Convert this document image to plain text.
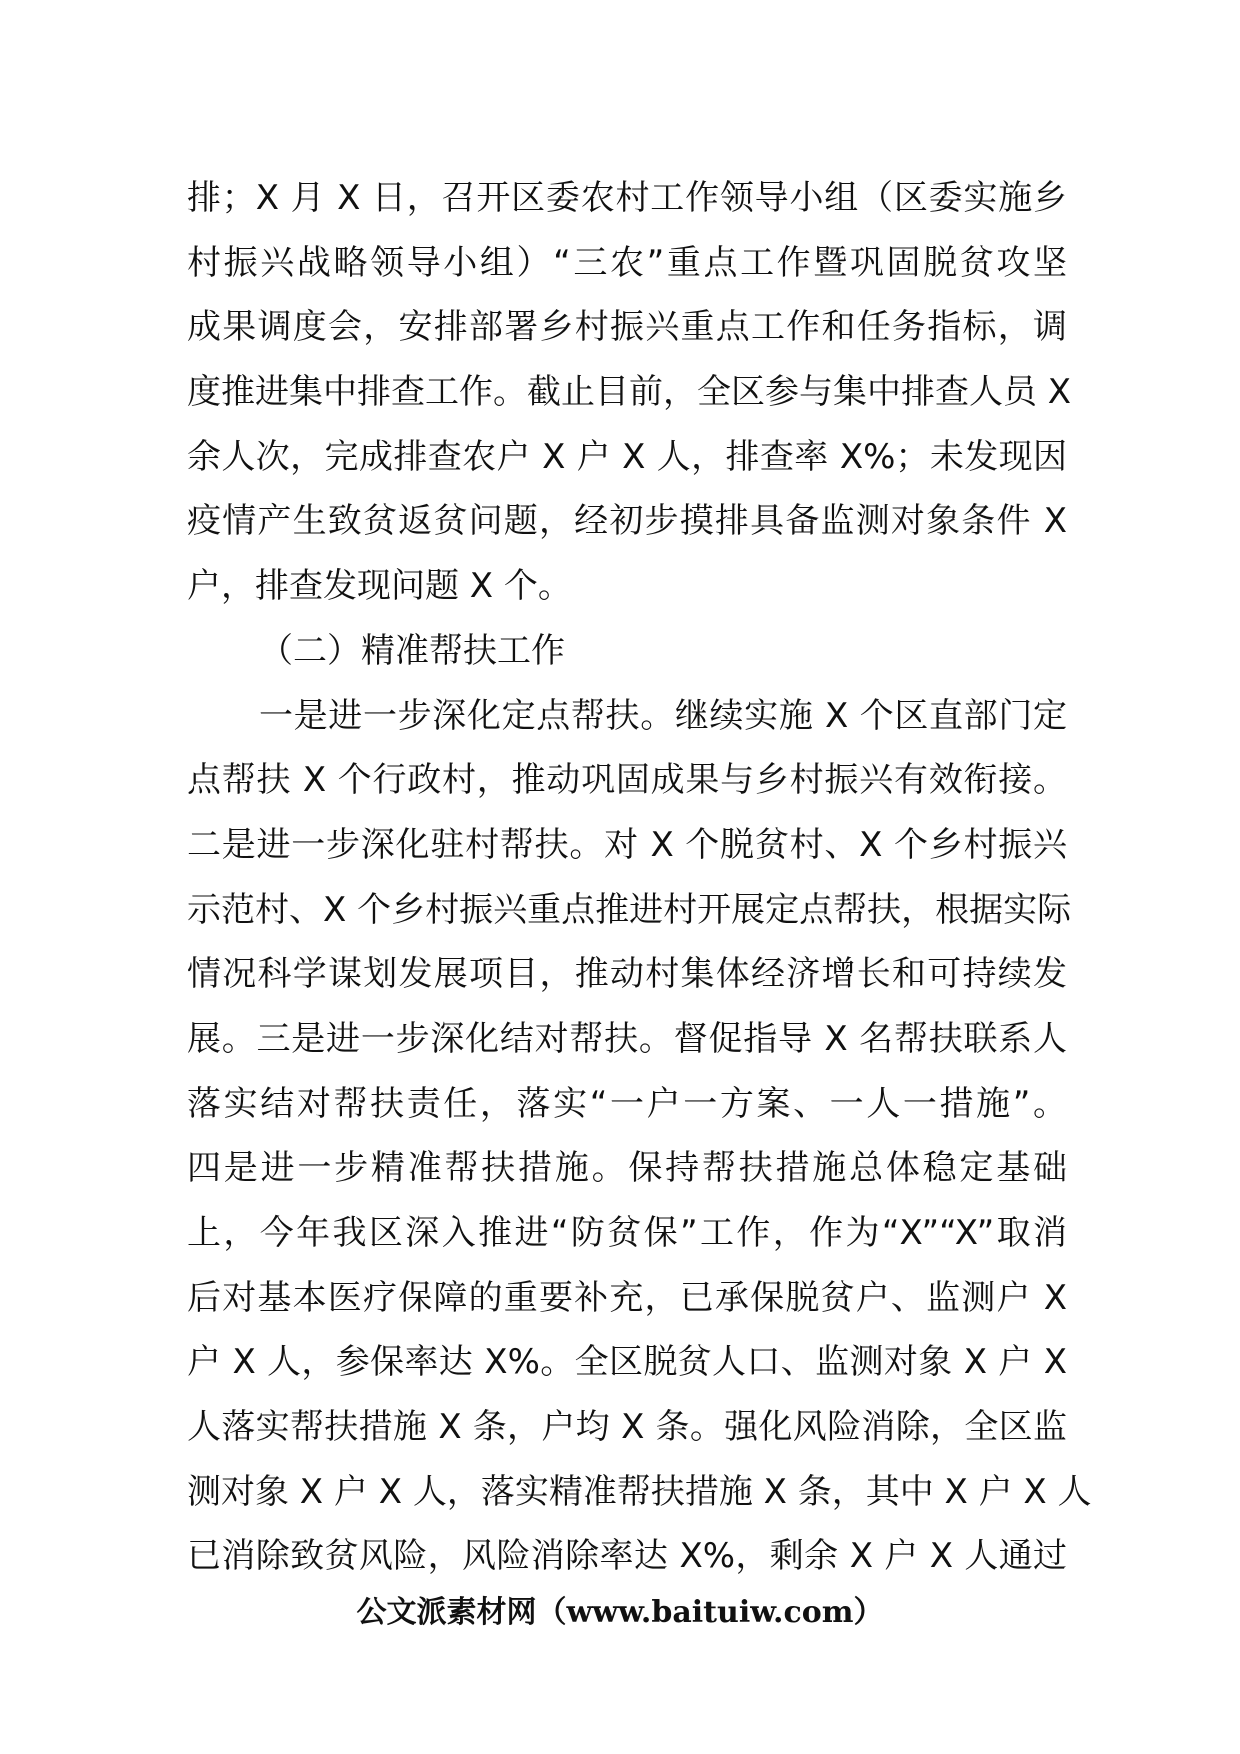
排；X 月 X 日，召开区委农村工作领导小组（区委实施乡
村振兴战略领导小组）“三农”重点工作暨巩固脱贫攻坚
成果调度会，安排部署乡村振兴重点工作和任务指标，调
度推进集中排查工作。截止目前，全区参与集中排查人员 X
余人次，完成排查农户 X 户 X 人，排查率 X%；未发现因
疫情产生致贫返贫问题，经初步摸排具备监测对象条件 X
户，排查发现问题 X 个。
（二）精准帮扶工作
一是进一步深化定点帮扶。继续实施 X 个区直部门定
点帮扶 X 个行政村，推动巩固成果与乡村振兴有效衔接。
二是进一步深化驻村帮扶。对 X 个脱贫村、X 个乡村振兴
示范村、X 个乡村振兴重点推进村开展定点帮扶，根据实际
情况科学谋划发展项目，推动村集体经济增长和可持续发
展。三是进一步深化结对帮扶。督促指导 X 名帮扶联系人
落实结对帮扶责任，落实“一户一方案、一人一措施”。
四是进一步精准帮扶措施。保持帮扶措施总体稳定基础
上，今年我区深入推进“防贫保”工作，作为“X”“X”取消
后对基本医疗保障的重要补充，已承保脱贫户、监测户 X
户 X 人，参保率达 X%。全区脱贫人口、监测对象 X 户 X
人落实帮扶措施 X 条，户均 X 条。强化风险消除，全区监
测对象 X 户 X 人，落实精准帮扶措施 X 条，其中 X 户 X 人
已消除致贫风险，风险消除率达 X%，剩余 X 户 X 人通过
公文派素材网（www.baituiw.com）
